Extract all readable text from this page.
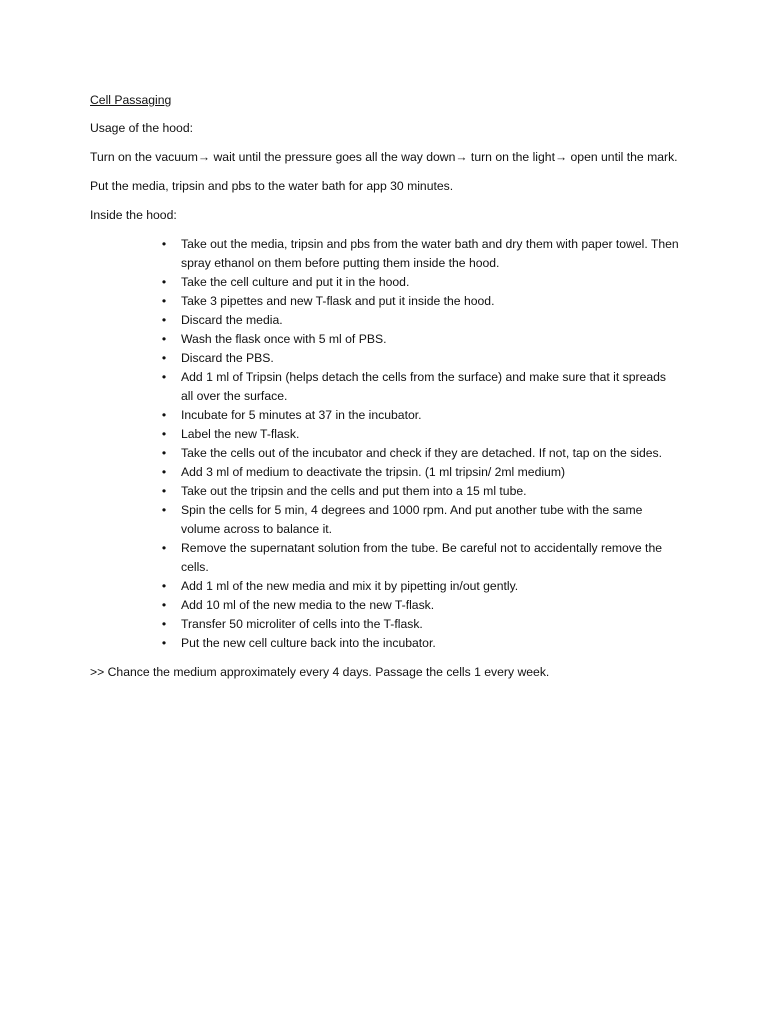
Cell Passaging
Usage of the hood:
Turn on the vacuum→ wait until the pressure goes all the way down→ turn on the light→ open until the mark.
Put the media, tripsin and pbs to the water bath for app 30 minutes.
Inside the hood:
•	Take out the media, tripsin and pbs from the water bath and dry them with paper towel. Then spray ethanol on them before putting them inside the hood.
•	Take the cell culture and put it in the hood.
•	Take 3 pipettes and new T-flask and put it inside the hood.
•	Discard the media.
•	Wash the flask once with 5 ml of PBS.
•	Discard the PBS.
•	Add 1 ml of Tripsin (helps detach the cells from the surface) and make sure that it spreads all over the surface.
•	Incubate for 5 minutes at 37 in the incubator.
•	Label the new T-flask.
•	Take the cells out of the incubator and check if they are detached. If not, tap on the sides.
•	Add 3 ml of medium to deactivate the tripsin. (1 ml tripsin/ 2ml medium)
•	Take out the tripsin and the cells and put them into a 15 ml tube.
•	Spin the cells for 5 min, 4 degrees and 1000 rpm. And put another tube with the same volume across to balance it.
•	Remove the supernatant solution from the tube. Be careful not to accidentally remove the cells.
•	Add 1 ml of the new media and mix it by pipetting in/out gently.
•	Add 10 ml of the new media to the new T-flask.
•	Transfer 50 microliter of cells into the T-flask.
•	Put the new cell culture back into the incubator.
>> Chance the medium approximately every 4 days. Passage the cells 1 every week.
